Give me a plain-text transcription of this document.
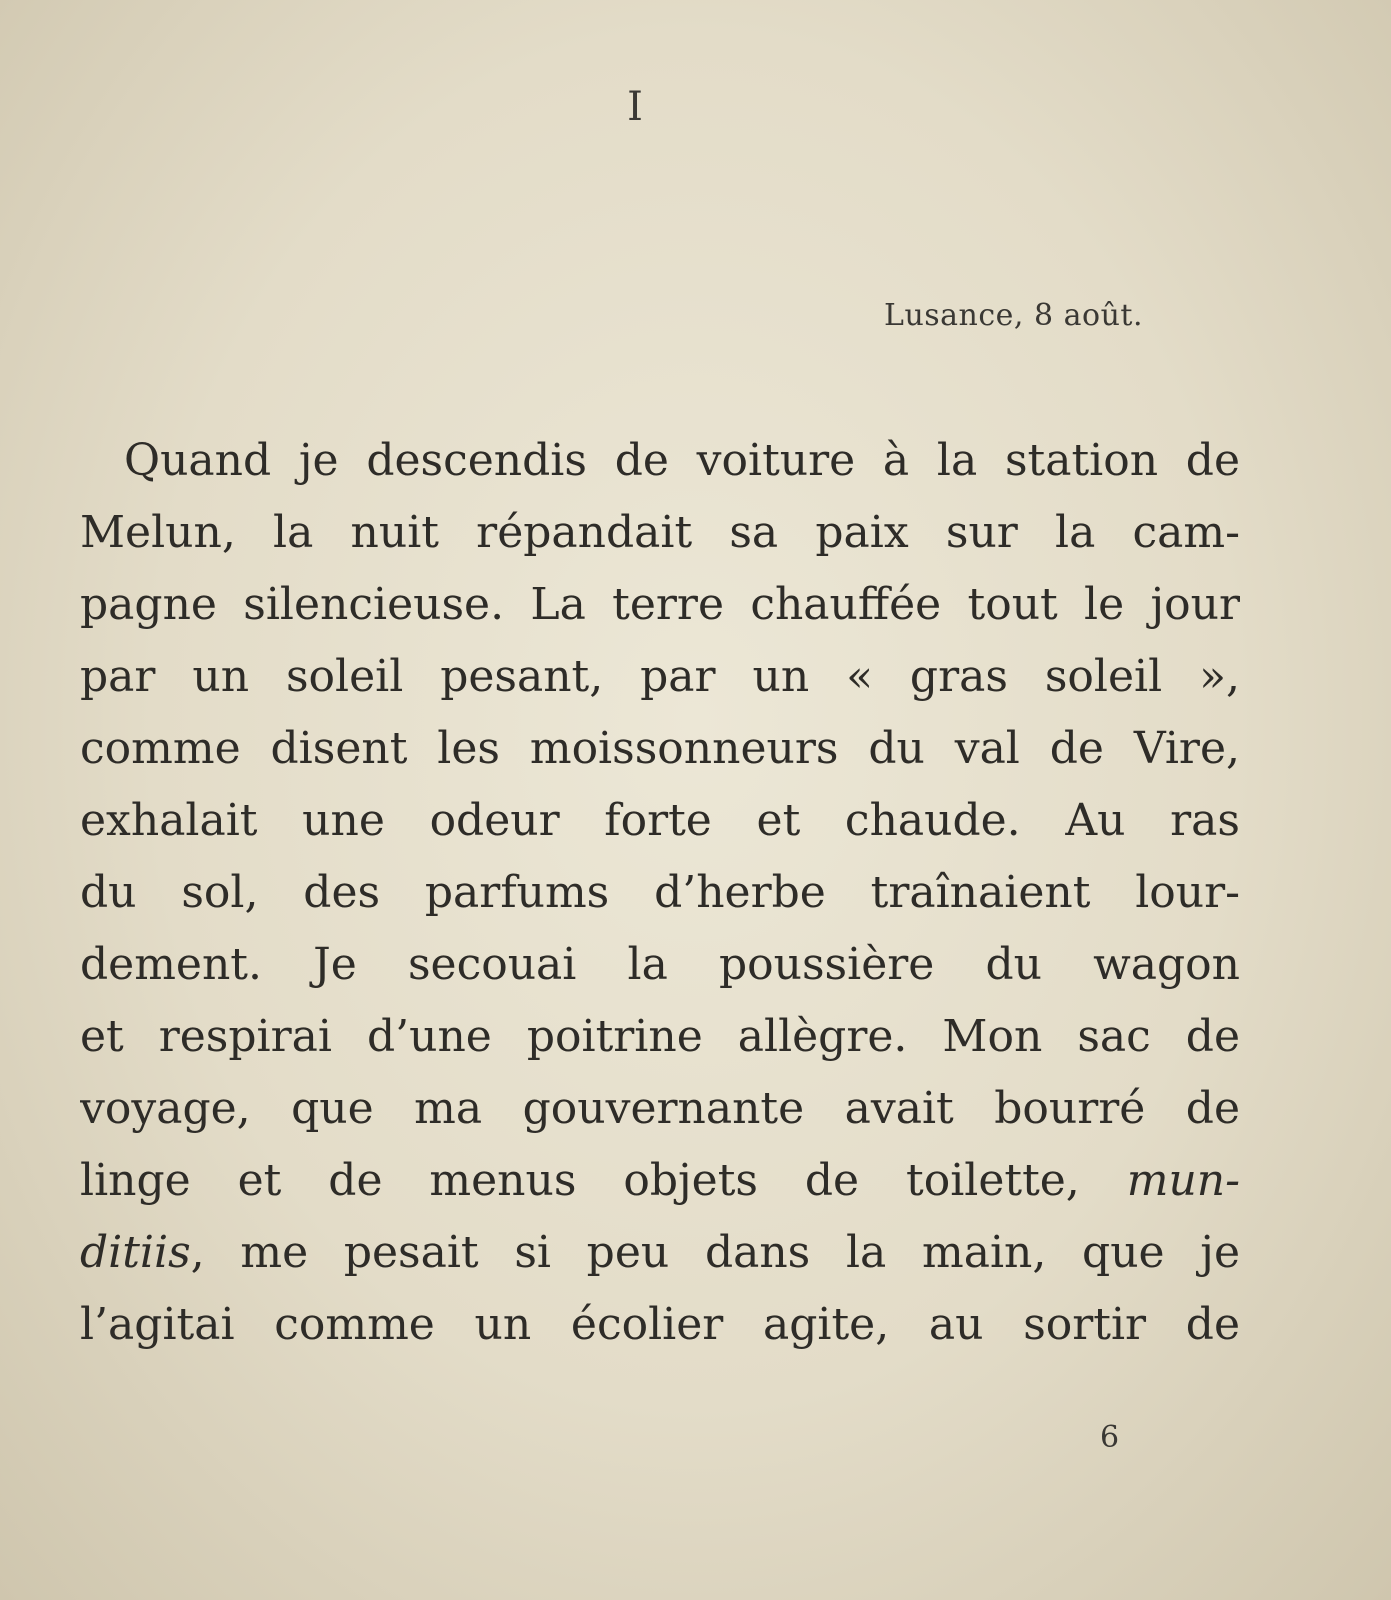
I
Lusance, 8 août.
Quand je descendis de voiture à la station de
Melun, la nuit répandait sa paix sur la cam-
pagne silencieuse. La terre chauffée tout le jour
par un soleil pesant, par un « gras soleil »,
comme disent les moissonneurs du val de Vire,
exhalait une odeur forte et chaude. Au ras
du sol, des parfums d’herbe traînaient lour-
dement. Je secouai la poussière du wagon
et respirai d’une poitrine allègre. Mon sac de
voyage, que ma gouvernante avait bourré de
linge et de menus objets de toilette, mun-
ditiis, me pesait si peu dans la main, que je
l’agitai comme un écolier agite, au sortir de
6
